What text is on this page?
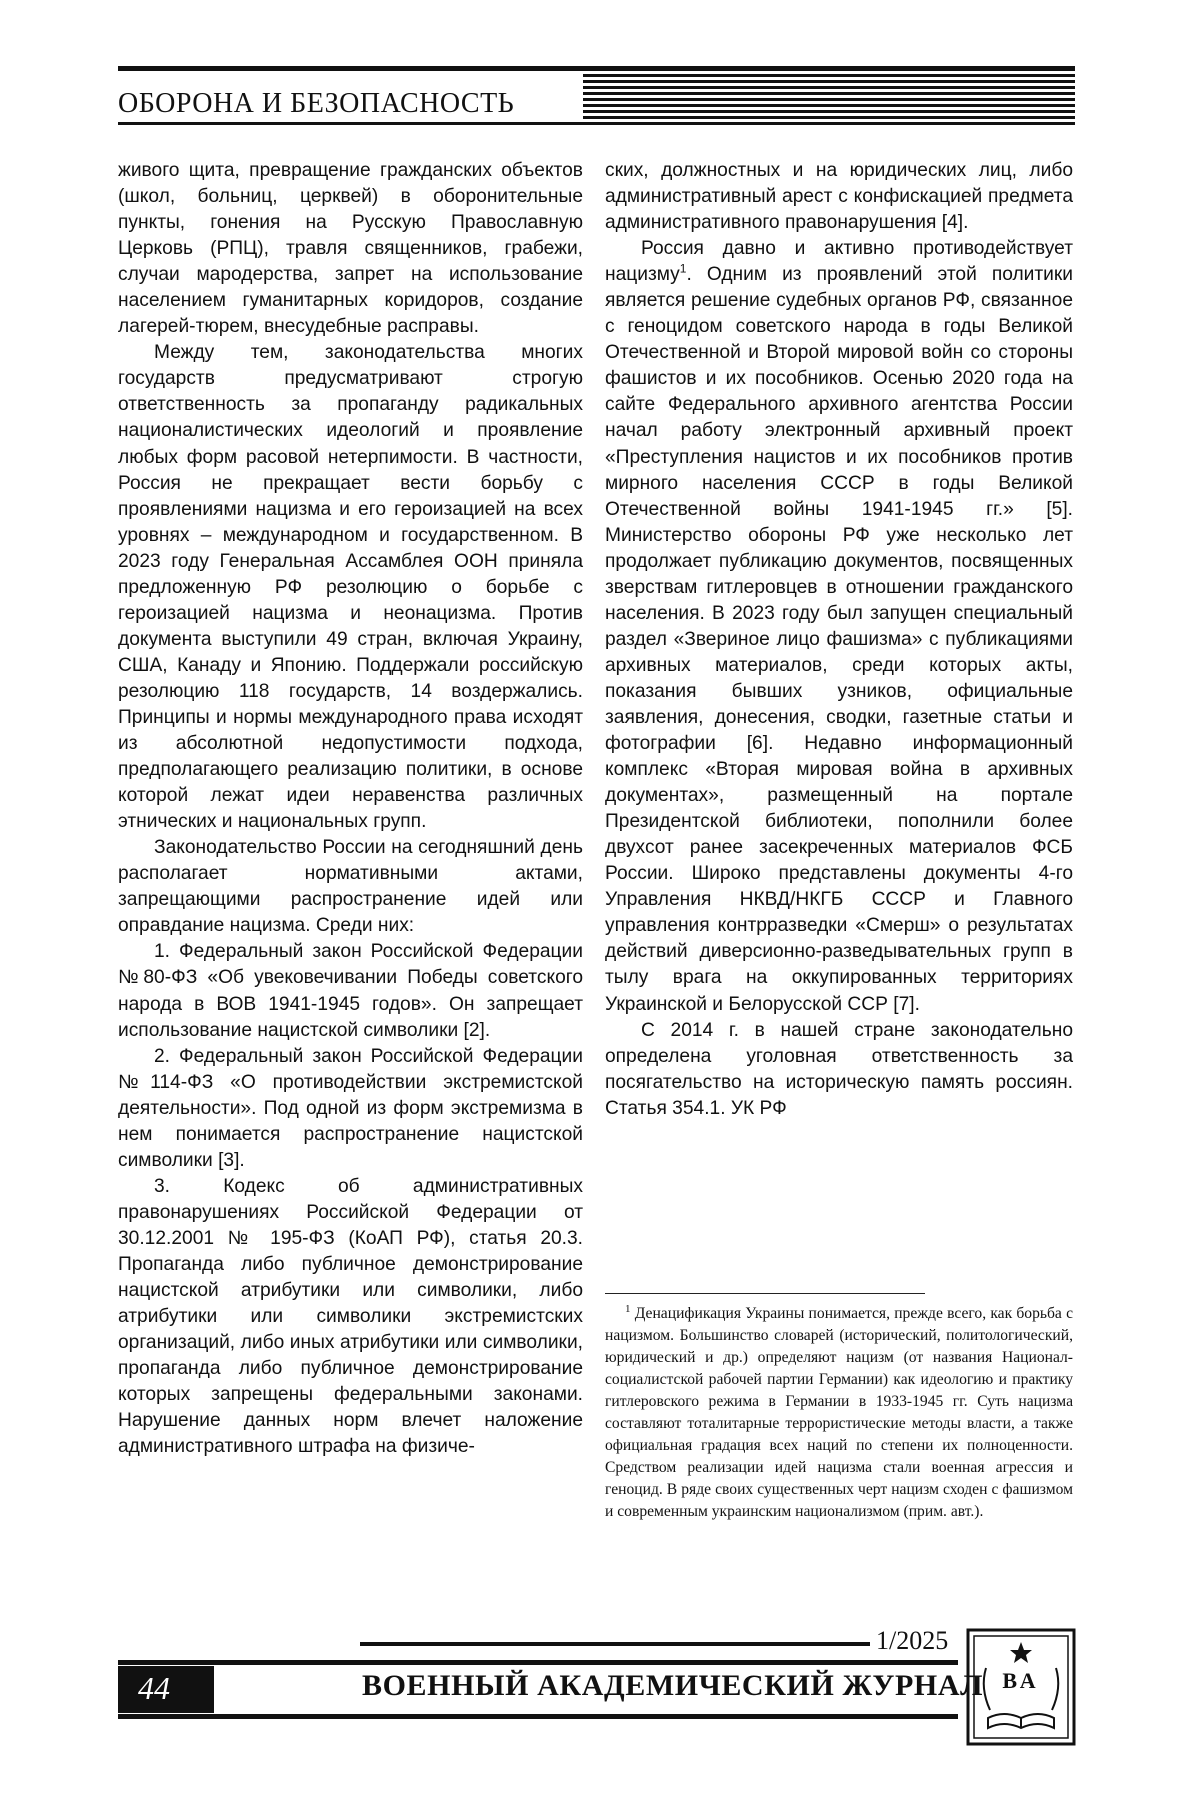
ОБОРОНА И БЕЗОПАСНОСТЬ

живого щита, превращение гражданских объектов (школ, больниц, церквей) в оборонительные пункты, гонения на Русскую Православную Церковь (РПЦ), травля священников, грабежи, случаи мародерства, запрет на использование населением гуманитарных коридоров, создание лагерей-тюрем, внесудебные расправы.

Между тем, законодательства многих государств предусматривают строгую ответственность за пропаганду радикальных националистических идеологий и проявление любых форм расовой нетерпимости. В частности, Россия не прекращает вести борьбу с проявлениями нацизма и его героизацией на всех уровнях – международном и государственном. В 2023 году Генеральная Ассамблея ООН приняла предложенную РФ резолюцию о борьбе с героизацией нацизма и неонацизма. Против документа выступили 49 стран, включая Украину, США, Канаду и Японию. Поддержали российскую резолюцию 118 государств, 14 воздержались. Принципы и нормы международного права исходят из абсолютной недопустимости подхода, предполагающего реализацию политики, в основе которой лежат идеи неравенства различных этнических и национальных групп.

Законодательство России на сегодняшний день располагает нормативными актами, запрещающими распространение идей или оправдание нацизма. Среди них:

1. Федеральный закон Российской Федерации №80-ФЗ «Об увековечивании Победы советского народа в ВОВ 1941-1945 годов». Он запрещает использование нацистской символики [2].

2. Федеральный закон Российской Федерации №114-ФЗ «О противодействии экстремистской деятельности». Под одной из форм экстремизма в нем понимается распространение нацистской символики [3].

3. Кодекс об административных правонарушениях Российской Федерации от 30.12.2001 № 195-ФЗ (КоАП РФ), статья 20.3. Пропаганда либо публичное демонстрирование нацистской атрибутики или символики, либо атрибутики или символики экстремистских организаций, либо иных атрибутики или символики, пропаганда либо публичное демонстрирование которых запрещены федеральными законами. Нарушение данных норм влечет наложение административного штрафа на физиче-

ских, должностных и на юридических лиц, либо административный арест с конфискацией предмета административного правонарушения [4].

Россия давно и активно противодействует нацизму$^1$. Одним из проявлений этой политики является решение судебных органов РФ, связанное с геноцидом советского народа в годы Великой Отечественной и Второй мировой войн со стороны фашистов и их пособников. Осенью 2020 года на сайте Федерального архивного агентства России начал работу электронный архивный проект «Преступления нацистов и их пособников против мирного населения СССР в годы Великой Отечественной войны 1941-1945 гг.» [5]. Министерство обороны РФ уже несколько лет продолжает публикацию документов, посвященных зверствам гитлеровцев в отношении гражданского населения. В 2023 году был запущен специальный раздел «Звериное лицо фашизма» с публикациями архивных материалов, среди которых акты, показания бывших узников, официальные заявления, донесения, сводки, газетные статьи и фотографии [6]. Недавно информационный комплекс «Вторая мировая война в архивных документах», размещенный на портале Президентской библиотеки, пополнили более двухсот ранее засекреченных материалов ФСБ России. Широко представлены документы 4-го Управления НКВД/НКГБ СССР и Главного управления контрразведки «Смерш» о результатах действий диверсионно-разведывательных групп в тылу врага на оккупированных территориях Украинской и Белорусской ССР [7].

С 2014 г. в нашей стране законодательно определена уголовная ответственность за посягательство на историческую память россиян. Статья 354.1. УК РФ

$^1$ Денацификация Украины понимается, прежде всего, как борьба с нацизмом. Большинство словарей (исторический, политологический, юридический и др.) определяют нацизм (от названия Национал-социалистской рабочей партии Германии) как идеологию и практику гитлеровского режима в Германии в 1933-1945 гг. Суть нацизма составляют тоталитарные террористические методы власти, а также официальная градация всех наций по степени их полноценности. Средством реализации идей нацизма стали военная агрессия и геноцид. В ряде своих существенных черт нацизм сходен с фашизмом и современным украинским национализмом (прим. авт.).

1/2025
44	ВОЕННЫЙ АКАДЕМИЧЕСКИЙ ЖУРНАЛ ВА
